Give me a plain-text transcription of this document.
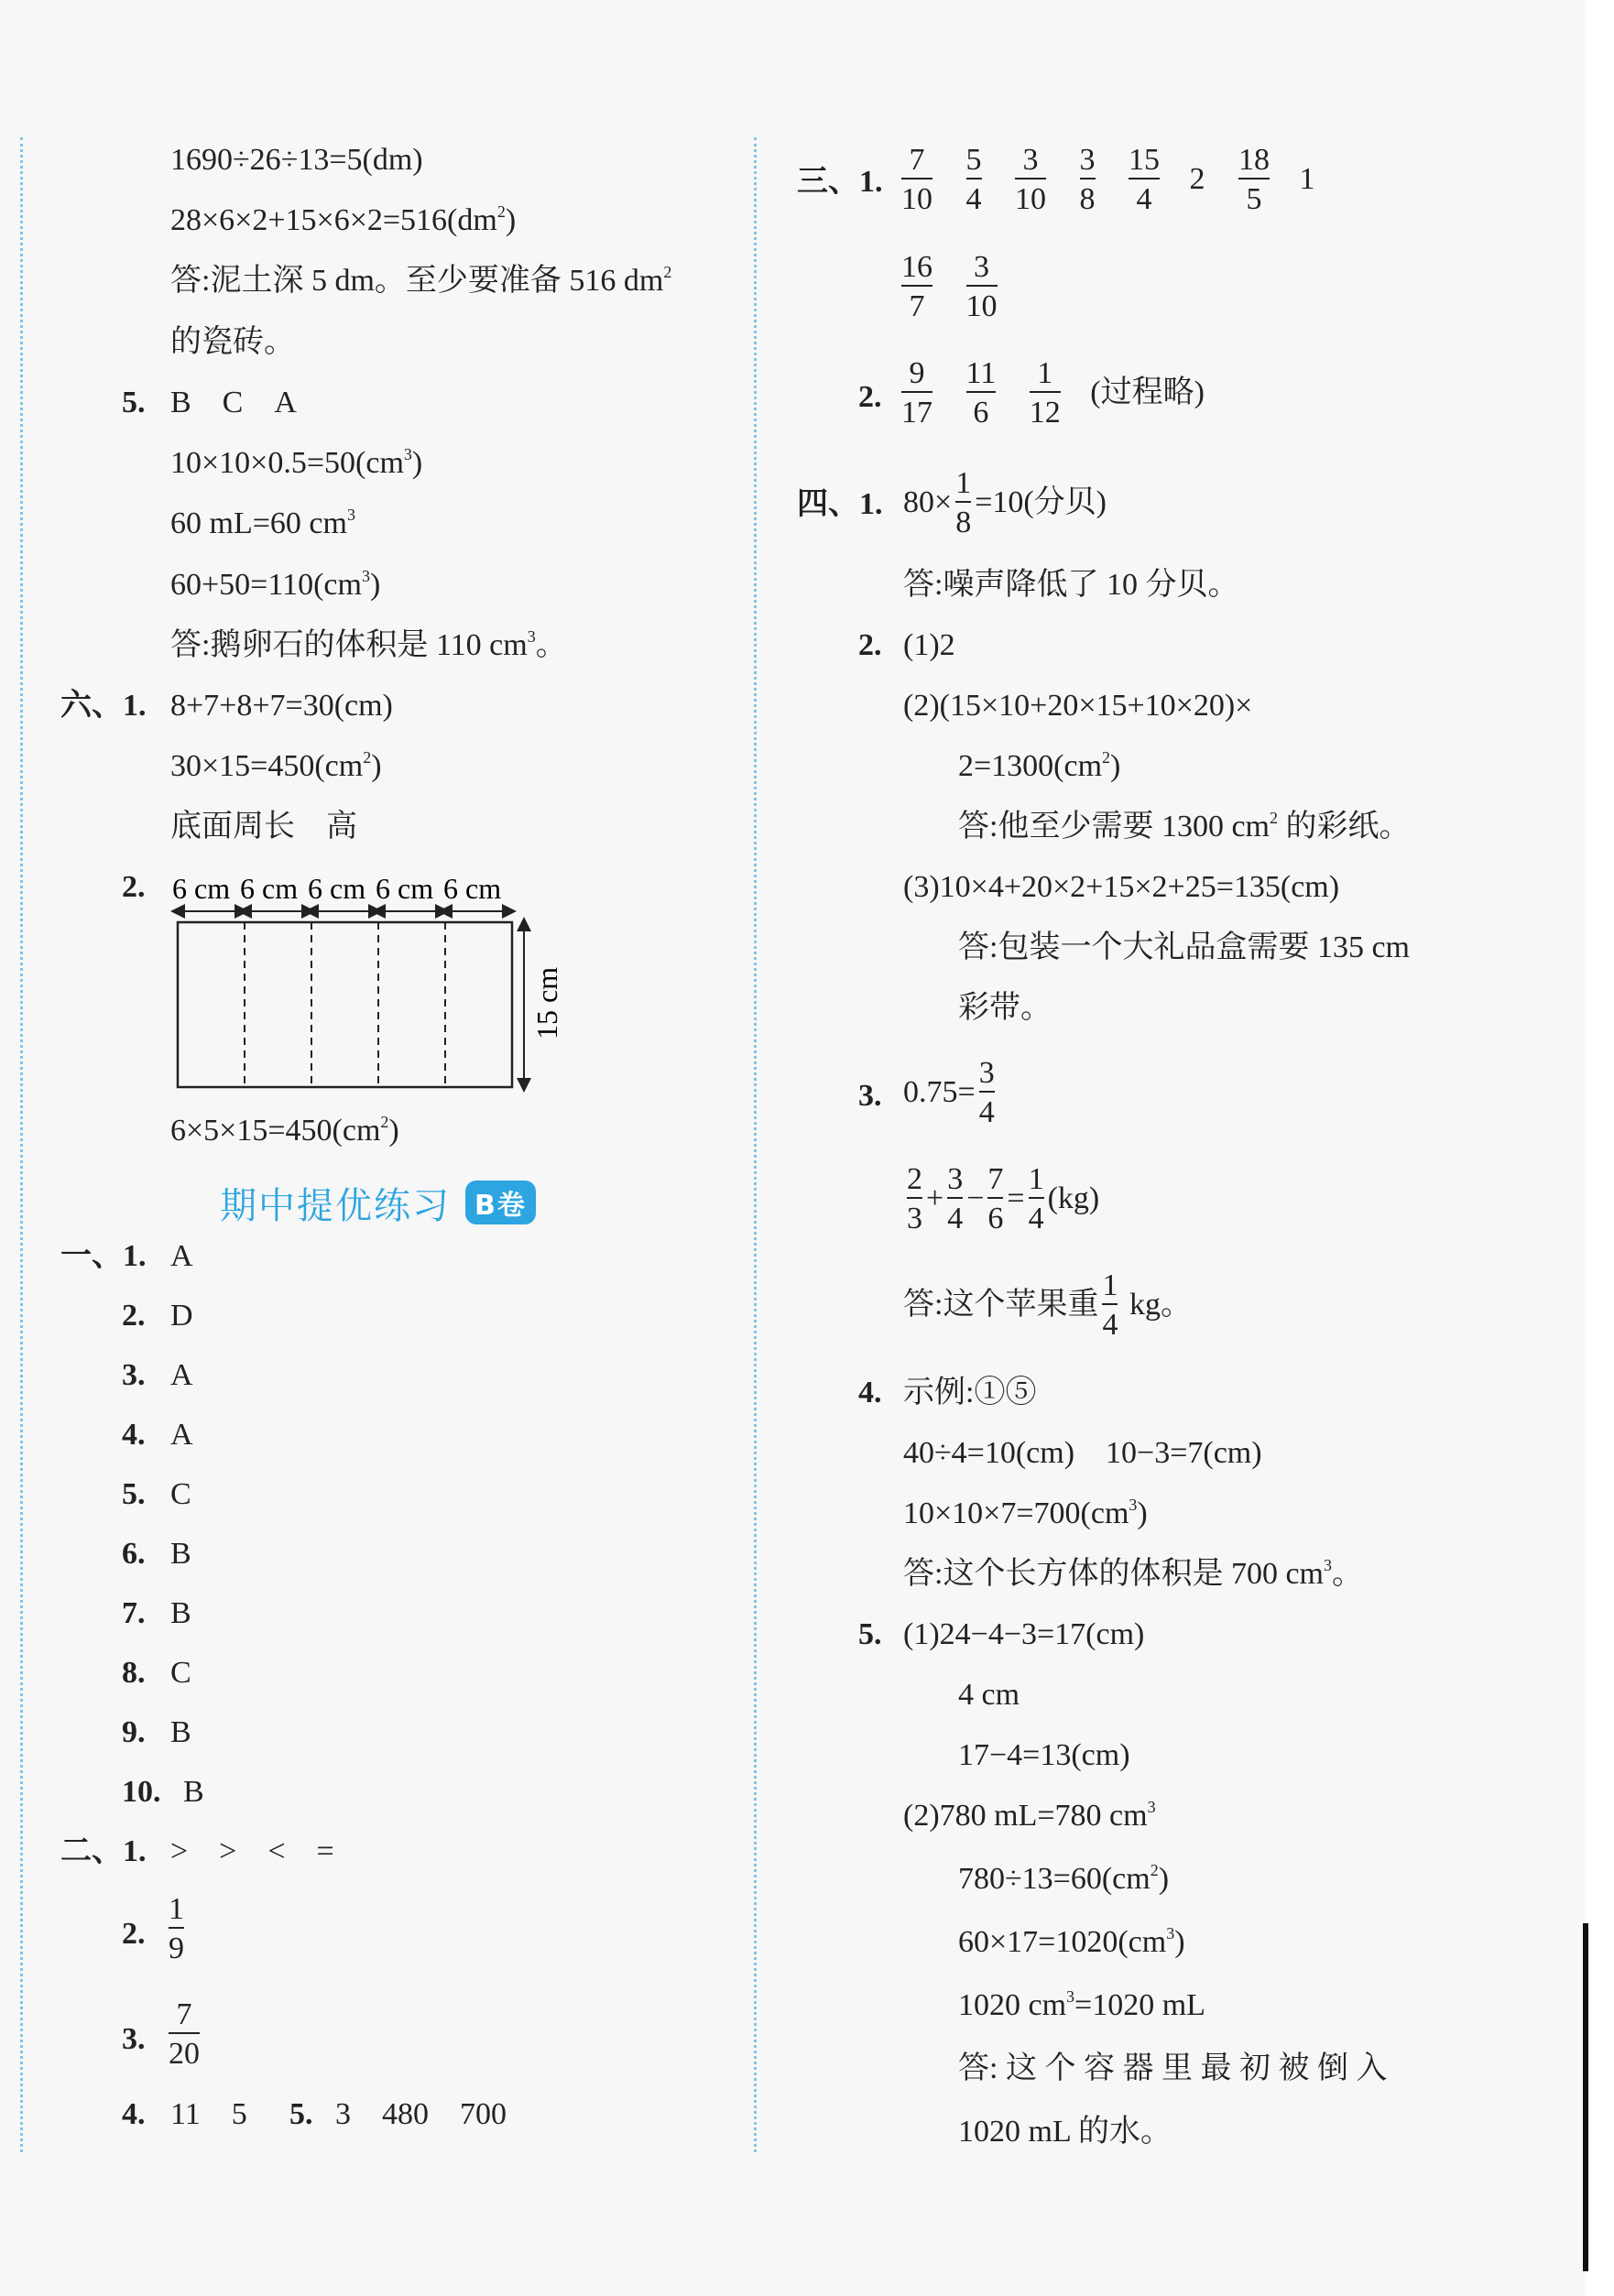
1690÷26÷13=5(dm)
$28\times 6\times 2+15\times 6\times 2=516(dm^2)$
答:泥土深 5 dm。至少要准备 516 $dm^2$
的瓷砖。
5. B　C　A
$10\times 10\times 0.5=50(cm^3)$
60 mL=60 $cm^3$
$60+50=110(cm^3)$
答:鹅卵石的体积是 110 $cm^3$。
六、1. 8+7+8+7=30(cm)
$30\times 15=450(cm^2)$
底面周长　高
2. 6 cm 6 cm 6 cm 6 cm 6 cm
15 cm
$6\times 5\times 15=450(cm^2)$
期中提优练习 B卷
一、1. A
2. D
3. A
4. A
5. C
6. B
7. B
8. C
9. B
10. B
二、1. >　>　<　=
2. $\frac{1}{9}$
3. $\frac{7}{20}$
4. 11　5 5. 3　480　700
三、1. $\frac{7}{10}$
$\frac{5}{4}$
$\frac{3}{10}$
$\frac{3}{8}$
$\frac{15}{4} 2 \frac{18}{5} 1$
$\frac{16}{7}$
$\frac{3}{10}$
2. $\frac{9}{17}$
$\frac{11}{6}$
$\frac{1}{12}$ (过程略)
四、1. $80\times \frac{1}{8} =10$(分贝)
答:噪声降低了 10 分贝。
2. (1)2
(2)(15×10+20×15+10×20)×
$2=1300(cm^2)$
答:他至少需要 1300 $cm^2$ 的彩纸。
(3)10×4+20×2+15×2+25=135(cm)
答:包装一个大礼品盒需要 135 cm
彩带。
3. $0.75= \frac{3}{4}$
$\frac{2}{3} + \frac{3}{4} - \frac{7}{6} = \frac{1}{4} (kg)$
答:这个苹果重 $\frac{1}{4}$ kg。
4. 示例:①⑤
40÷4=10(cm)　10−3=7(cm)
$10\times 10\times 7=700(cm^3)$
答:这个长方体的体积是 700 $cm^3$。
5. (1)24−4−3=17(cm)
4 cm
17−4=13(cm)
(2)780 mL=780 $cm^3$
$780\div 13=60(cm^2)$
$60\times 17=1020(cm^3)$
1020 $cm^3=1020$ mL
答: 这 个 容 器 里 最 初 被 倒 入
1020 mL 的水。
